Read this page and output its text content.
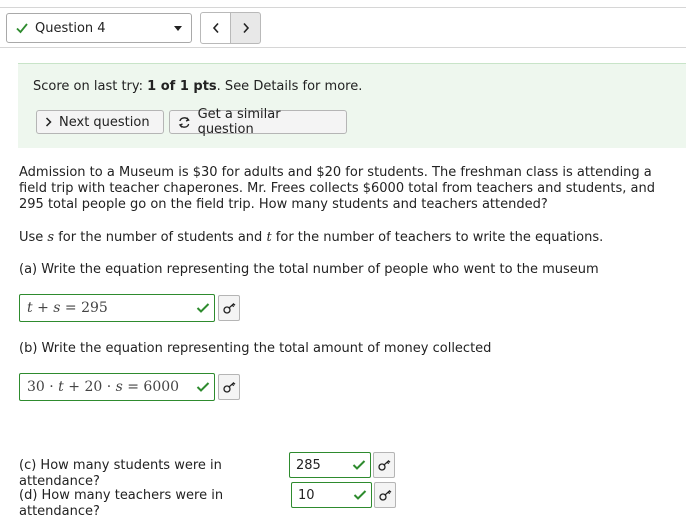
Question 4
Score on last try: 1 of 1 pts. See Details for more.
Next question	Get a similar question
Admission to a Museum is $30 for adults and $20 for students. The freshman class is attending a field trip with teacher chaperones. Mr. Frees collects $6000 total from teachers and students, and 295 total people go on the field trip. How many students and teachers attended?
Use s for the number of students and t for the number of teachers to write the equations.
(a) Write the equation representing the total number of people who went to the museum
t + s = 295
(b) Write the equation representing the total amount of money collected
30 · t + 20 · s = 6000
(c) How many students were in attendance?
285
(d) How many teachers were in attendance?
10
